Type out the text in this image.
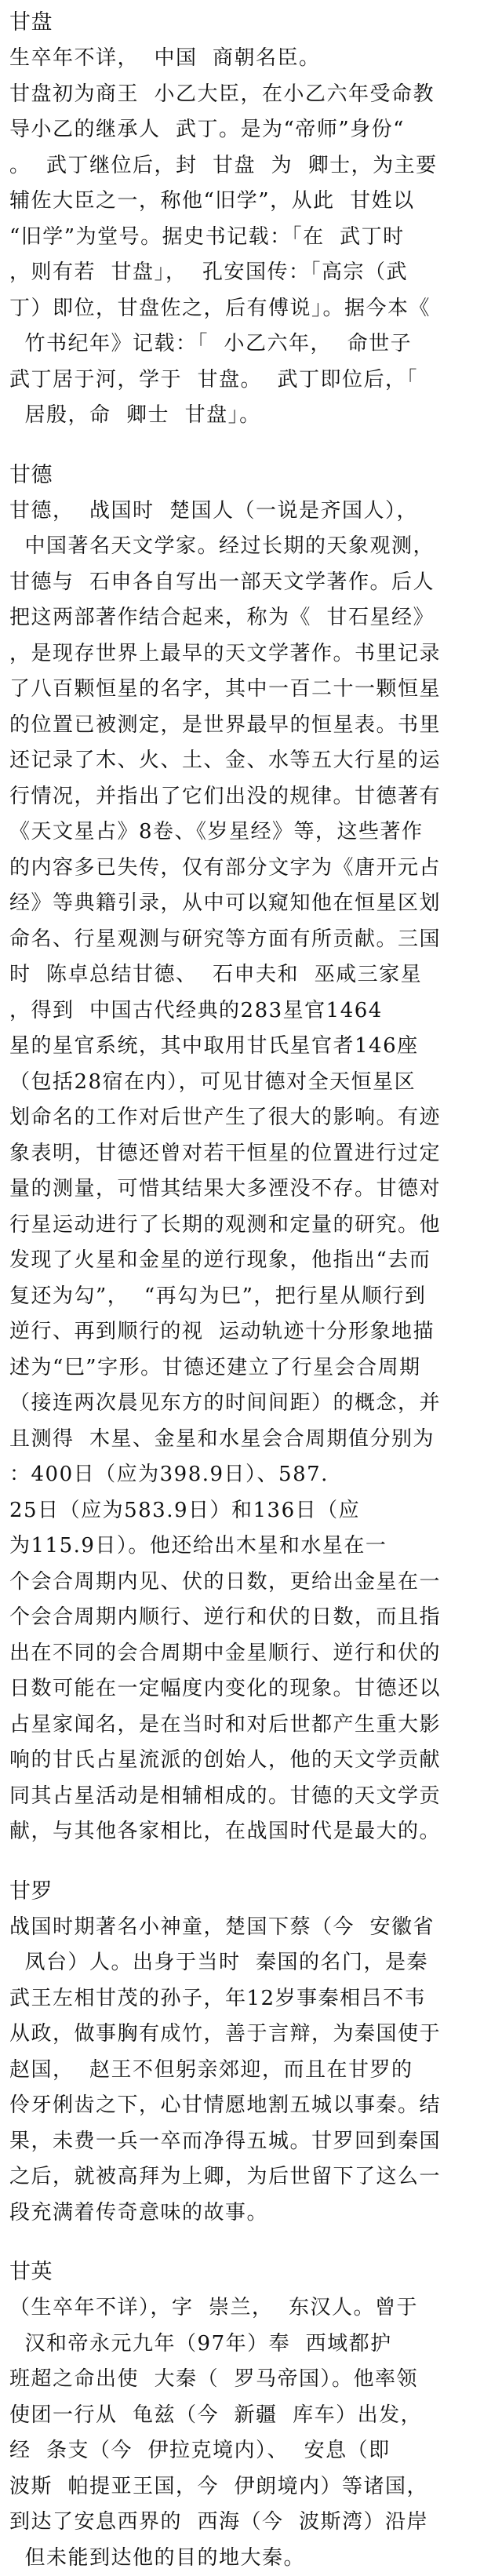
甘盘

生卒年不详，  中国  商朝名臣。
甘盘初为商王  小乙大臣，在小乙六年受命教
导小乙的继承人  武丁。是为“帝师”身份“
。  武丁继位后，封  甘盘  为  卿士，为主要
辅佐大臣之一，称他“旧学”，从此  甘姓以
“旧学”为堂号。据史书记载：「在  武丁时
，则有若  甘盘」，  孔安国传：「高宗（武
丁）即位，甘盘佐之，后有傅说」。据今本《
竹书纪年》记载：「  小乙六年，  命世子
武丁居于河，学于  甘盘。  武丁即位后，「
居殷，命  卿士  甘盘」。

甘德

甘德，  战国时  楚国人（一说是齐国人），
中国著名天文学家。经过长期的天象观测，
甘德与  石申各自写出一部天文学著作。后人
把这两部著作结合起来，称为《  甘石星经》
，是现存世界上最早的天文学著作。书里记录
了八百颗恒星的名字，其中一百二十一颗恒星
的位置已被测定，是世界最早的恒星表。书里
还记录了木、火、土、金、水等五大行星的运
行情况，并指出了它们出没的规律。甘德著有
《天文星占》8卷、《岁星经》等，这些著作
的内容多已失传，仅有部分文字为《唐开元占
经》等典籍引录，从中可以窥知他在恒星区划
命名、行星观测与研究等方面有所贡献。三国
时  陈卓总结甘德、  石申夫和  巫咸三家星
，得到  中国古代经典的283星官1464
星的星官系统，其中取用甘氏星官者146座
（包括28宿在内），可见甘德对全天恒星区
划命名的工作对后世产生了很大的影响。有迹
象表明，甘德还曾对若干恒星的位置进行过定
量的测量，可惜其结果大多湮没不存。甘德对
行星运动进行了长期的观测和定量的研究。他
发现了火星和金星的逆行现象，他指出“去而
复还为勾”，  “再勾为巳”，把行星从顺行到
逆行、再到顺行的视  运动轨迹十分形象地描
述为“巳”字形。甘德还建立了行星会合周期
（接连两次晨见东方的时间间距）的概念，并
且测得  木星、金星和水星会合周期值分别为
：400日（应为398.9日）、587.
25日（应为583.9日）和136日（应
为115.9日）。他还给出木星和水星在一
个会合周期内见、伏的日数，更给出金星在一
个会合周期内顺行、逆行和伏的日数，而且指
出在不同的会合周期中金星顺行、逆行和伏的
日数可能在一定幅度内变化的现象。甘德还以
占星家闻名，是在当时和对后世都产生重大影
响的甘氏占星流派的创始人，他的天文学贡献
同其占星活动是相辅相成的。甘德的天文学贡
献，与其他各家相比，在战国时代是最大的。

甘罗

战国时期著名小神童，楚国下蔡（今  安徽省
凤台）人。出身于当时  秦国的名门，是秦
武王左相甘茂的孙子，年12岁事秦相吕不韦
从政，做事胸有成竹，善于言辩，为秦国使于
赵国，  赵王不但躬亲郊迎，而且在甘罗的
伶牙俐齿之下，心甘情愿地割五城以事秦。结
果，未费一兵一卒而净得五城。甘罗回到秦国
之后，就被高拜为上卿，为后世留下了这么一
段充满着传奇意味的故事。

甘英

（生卒年不详），字  崇兰，  东汉人。曾于
汉和帝永元九年（97年）奉  西域都护
班超之命出使  大秦（  罗马帝国）。他率领
使团一行从  龟兹（今  新疆  库车）出发，
经  条支（今  伊拉克境内）、  安息（即
波斯  帕提亚王国，今  伊朗境内）等诸国，
到达了安息西界的  西海（今  波斯湾）沿岸
但未能到达他的目的地大秦。
